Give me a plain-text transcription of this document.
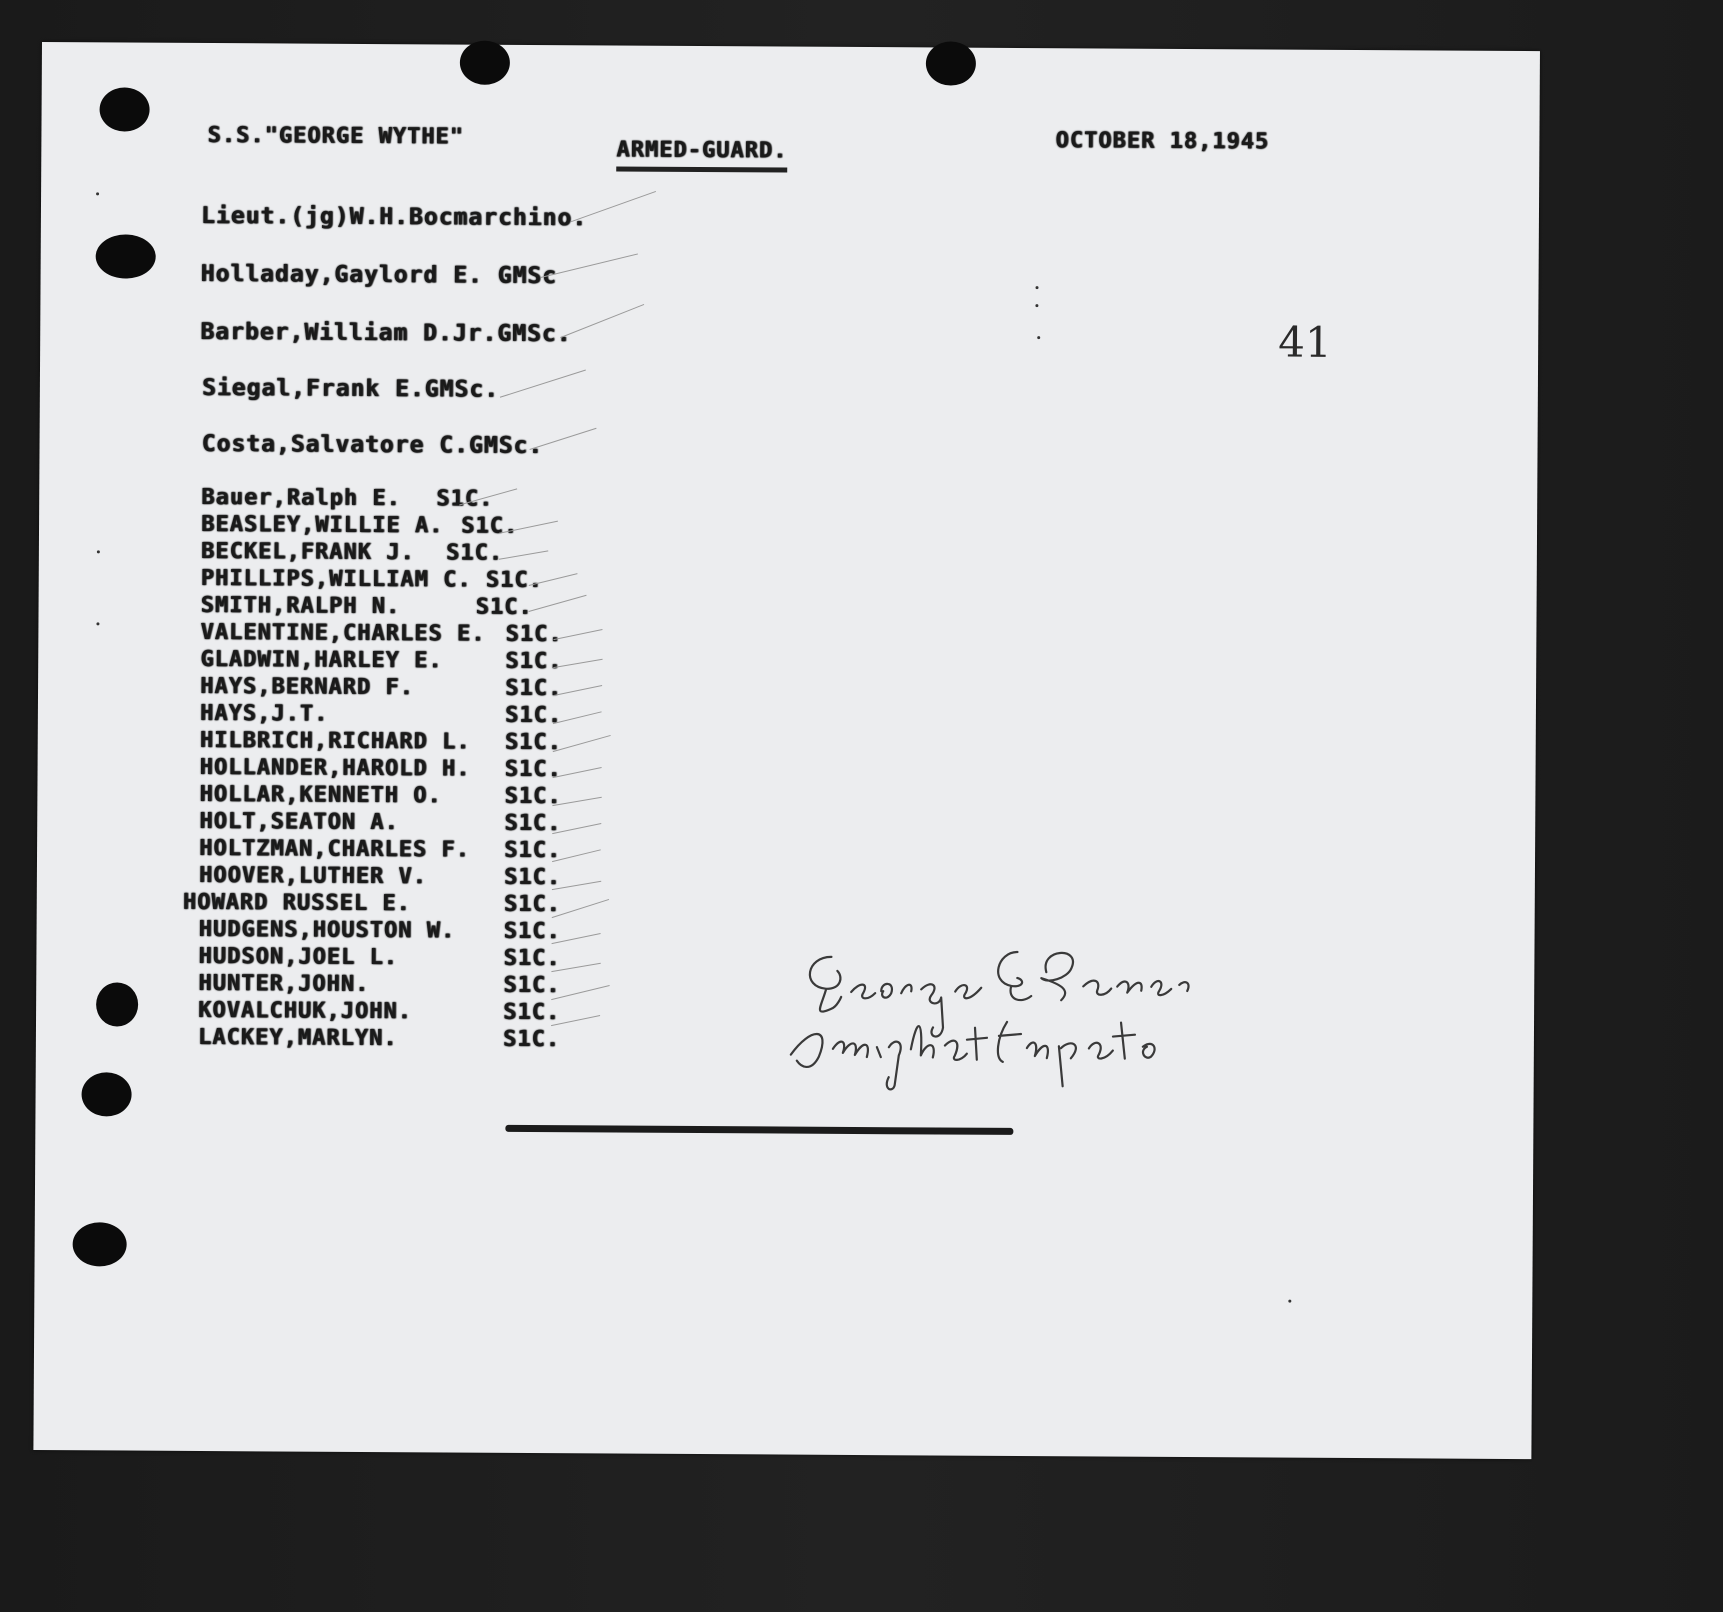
S.S."GEORGE WYTHE"
ARMED-GUARD.	OCTOBER 18,1945
41
Lieut.(jg)W.H.Bocmarchino.
Holladay,Gaylord E. GMSc
Barber,William D.Jr.GMSc.
Siegal,Frank E.GMSc.
Costa,Salvatore C.GMSc.
Bauer,Ralph E. S1C.
BEASLEY,WILLIE A. S1C.
BECKEL,FRANK J. S1C.
PHILLIPS,WILLIAM C. S1C.
SMITH,RALPH N.	S1C.
VALENTINE,CHARLES E. S1C.
GLADWIN,HARLEY E.	S1C.
HAYS,BERNARD F.	S1C.
HAYS,J.T.	S1C.
HILBRICH,RICHARD L. S1C.
HOLLANDER,HAROLD H. S1C.
HOLLAR,KENNETH O.	S1C.
HOLT,SEATON A.	S1C.
HOLTZMAN,CHARLES F. S1C.
HOOVER,LUTHER V.	S1C.
HOWARD RUSSEL E.	S1C.
HUDGENS,HOUSTON W. S1C.
HUDSON,JOEL L.	S1C.
HUNTER,JOHN.	S1C.
KOVALCHUK,JOHN.	S1C.
LACKEY,MARLYN.	S1C.
